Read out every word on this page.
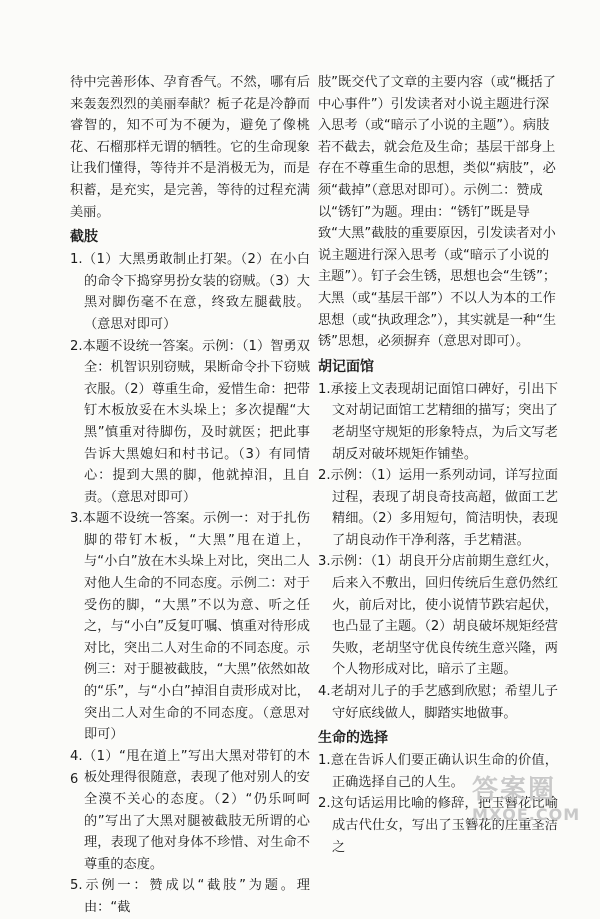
待中完善形体、孕育香气。不然，哪有后来轰轰烈烈的美丽奉献？栀子花是冷静而睿智的，知不可为不硬为，避免了像桃花、石榴那样无谓的牺牲。它的生命现象让我们懂得，等待并不是消极无为，而是积蓄，是充实，是完善，等待的过程充满美丽。

截肢

1.（1）大黑勇敢制止打架。（2）在小白的命令下捣穿男扮女装的窃贼。（3）大黑对脚伤毫不在意，终致左腿截肢。（意思对即可）

2.本题不设统一答案。示例：（1）智勇双全：机智识别窃贼，果断命令扑下窃贼衣服。（2）尊重生命，爱惜生命：把带钉木板放妥在木头垛上；多次提醒“大黑”慎重对待脚伤，及时就医；把此事告诉大黑媳妇和村书记。（3）有同情心：提到大黑的脚，他就掉泪，且自责。（意思对即可）

3.本题不设统一答案。示例一：对于扎伤脚的带钉木板，“大黑”甩在道上，与“小白”放在木头垛上对比，突出二人对他人生命的不同态度。示例二：对于受伤的脚，“大黑”不以为意、听之任之，与“小白”反复叮嘱、慎重对待形成对比，突出二人对生命的不同态度。示例三：对于腿被截肢，“大黑”依然如故的“乐”，与“小白”掉泪自责形成对比，突出二人对生命的不同态度。（意思对即可）

4.（1）“甩在道上”写出大黑对带钉的木板处理得很随意，表现了他对别人的安全漠不关心的态度。（2）“仍乐呵呵的”写出了大黑对腿被截肢无所谓的心理，表现了他对身体不珍惜、对生命不尊重的态度。

5.示例一：赞成以“截肢”为题。理由：“截

肢”既交代了文章的主要内容（或“概括了中心事件”）引发读者对小说主题进行深入思考（或“暗示了小说的主题”）。病肢若不截去，就会危及生命；基层干部身上存在不尊重生命的思想，类似“病肢”，必须“截掉”（意思对即可）。示例二：赞成以“锈钉”为题。理由：“锈钉”既是导致“大黑”截肢的重要原因，引发读者对小说主题进行深入思考（或“暗示了小说的主题”）。钉子会生锈，思想也会“生锈”；大黑（或“基层干部”）不以人为本的工作思想（或“执政理念”），其实就是一种“生锈”思想，必须摒弃（意思对即可）。

胡记面馆

1.承接上文表现胡记面馆口碑好，引出下文对胡记面馆工艺精细的描写；突出了老胡坚守规矩的形象特点，为后文写老胡反对破坏规矩作铺垫。

2.示例：（1）运用一系列动词，详写拉面过程，表现了胡良奇技高超，做面工艺精细。（2）多用短句，简洁明快，表现了胡良动作干净利落，手艺精湛。

3.示例：（1）胡良开分店前期生意红火，后来入不敷出，回归传统后生意仍然红火，前后对比，使小说情节跌宕起伏，也凸显了主题。（2）胡良破坏规矩经营失败，老胡坚守优良传统生意兴隆，两个人物形成对比，暗示了主题。

4.老胡对儿子的手艺感到欣慰；希望儿子守好底线做人，脚踏实地做事。

生命的选择

1.意在告诉人们要正确认识生命的价值，正确选择自己的人生。

2.这句话运用比喻的修辞，把玉簪花比喻成古代仕女，写出了玉簪花的庄重圣洁之

6	答案圈
MXQE.COM
